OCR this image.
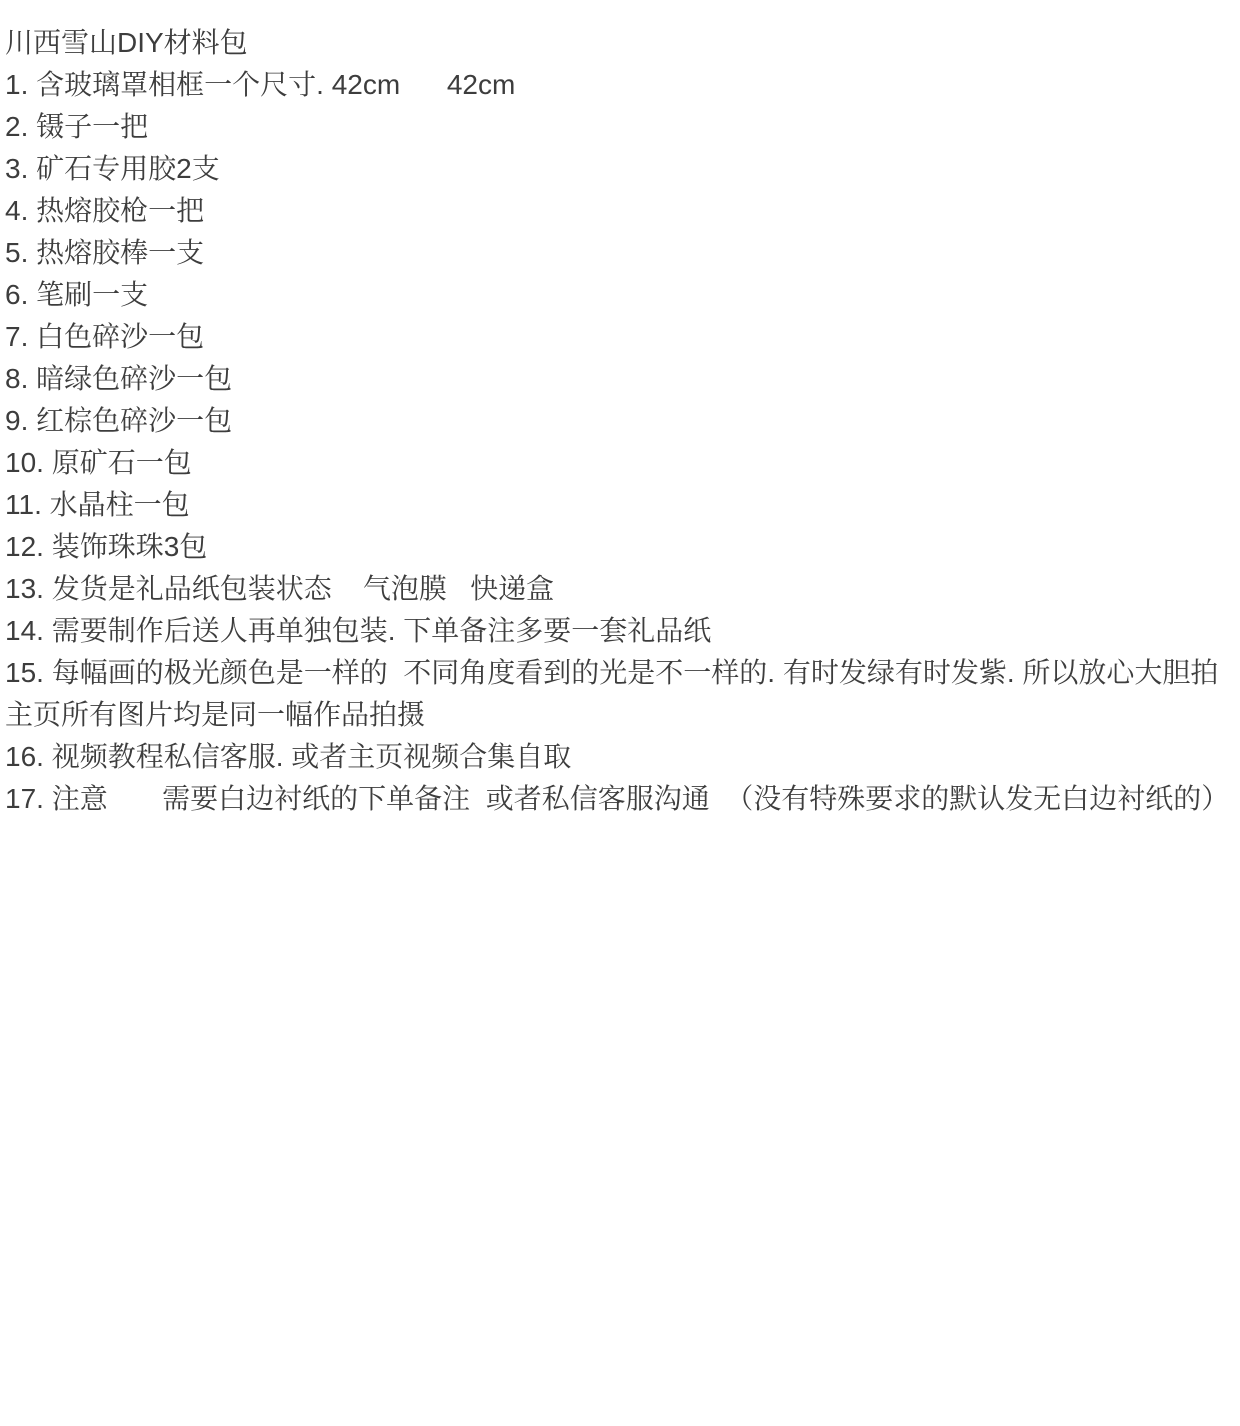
川西雪山DIY材料包
1. 含玻璃罩相框一个尺寸. 42cm      42cm
2. 镊子一把
3. 矿石专用胶2支
4. 热熔胶枪一把
5. 热熔胶棒一支
6. 笔刷一支
7. 白色碎沙一包
8. 暗绿色碎沙一包
9. 红棕色碎沙一包
10. 原矿石一包
11. 水晶柱一包
12. 装饰珠珠3包
13. 发货是礼品纸包装状态    气泡膜   快递盒
14. 需要制作后送人再单独包装. 下单备注多要一套礼品纸
15. 每幅画的极光颜色是一样的  不同角度看到的光是不一样的. 有时发绿有时发紫. 所以放心大胆拍
主页所有图片均是同一幅作品拍摄
16. 视频教程私信客服. 或者主页视频合集自取
17. 注意       需要白边衬纸的下单备注  或者私信客服沟通  （没有特殊要求的默认发无白边衬纸的）
